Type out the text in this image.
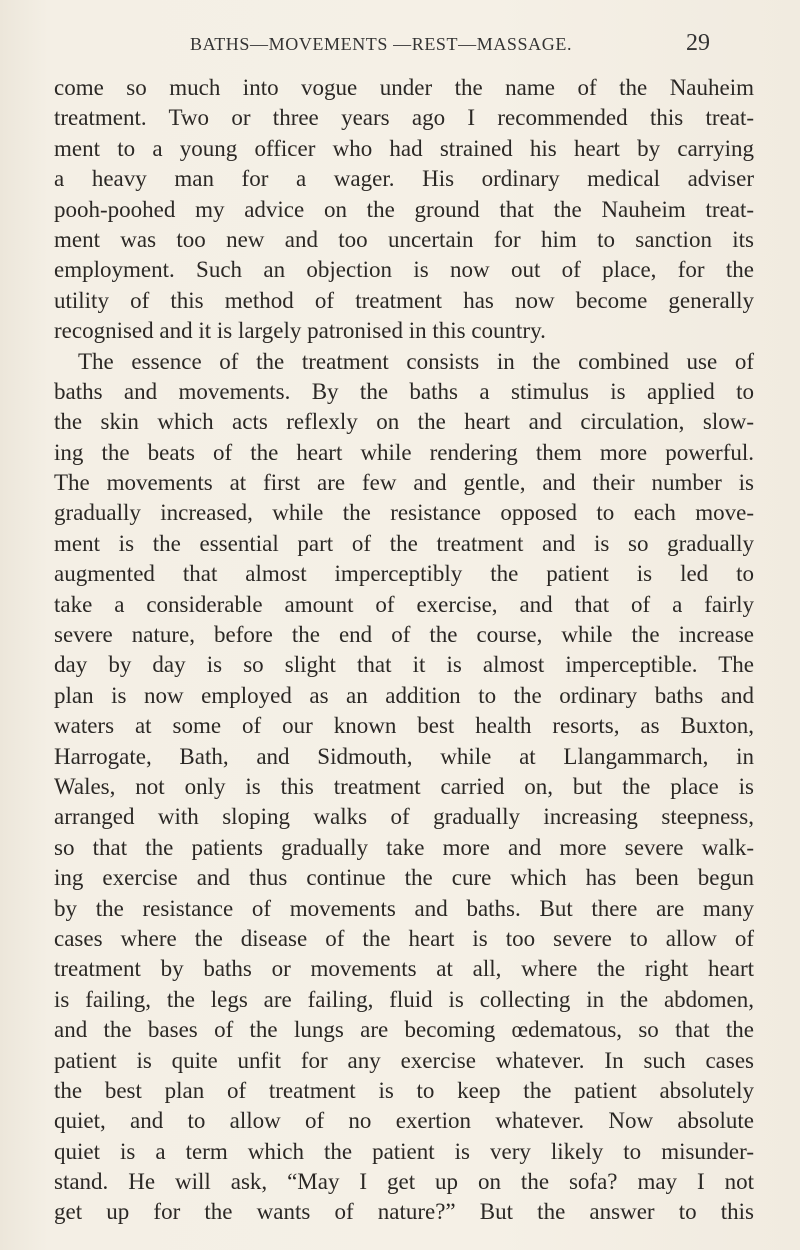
BATHS—MOVEMENTS —REST—MASSAGE.	29
come so much into vogue under the name of the Nauheim
treatment. Two or three years ago I recommended this treat-
ment to a young officer who had strained his heart by carrying
a heavy man for a wager. His ordinary medical adviser
pooh-poohed my advice on the ground that the Nauheim treat-
ment was too new and too uncertain for him to sanction its
employment. Such an objection is now out of place, for the
utility of this method of treatment has now become generally
recognised and it is largely patronised in this country.
The essence of the treatment consists in the combined use of
baths and movements. By the baths a stimulus is applied to
the skin which acts reflexly on the heart and circulation, slow-
ing the beats of the heart while rendering them more powerful.
The movements at first are few and gentle, and their number is
gradually increased, while the resistance opposed to each move-
ment is the essential part of the treatment and is so gradually
augmented that almost imperceptibly the patient is led to
take a considerable amount of exercise, and that of a fairly
severe nature, before the end of the course, while the increase
day by day is so slight that it is almost imperceptible. The
plan is now employed as an addition to the ordinary baths and
waters at some of our known best health resorts, as Buxton,
Harrogate, Bath, and Sidmouth, while at Llangammarch, in
Wales, not only is this treatment carried on, but the place is
arranged with sloping walks of gradually increasing steepness,
so that the patients gradually take more and more severe walk-
ing exercise and thus continue the cure which has been begun
by the resistance of movements and baths. But there are many
cases where the disease of the heart is too severe to allow of
treatment by baths or movements at all, where the right heart
is failing, the legs are failing, fluid is collecting in the abdomen,
and the bases of the lungs are becoming œdematous, so that the
patient is quite unfit for any exercise whatever. In such cases
the best plan of treatment is to keep the patient absolutely
quiet, and to allow of no exertion whatever. Now absolute
quiet is a term which the patient is very likely to misunder-
stand. He will ask, “May I get up on the sofa? may I not
get up for the wants of nature?” But the answer to this
